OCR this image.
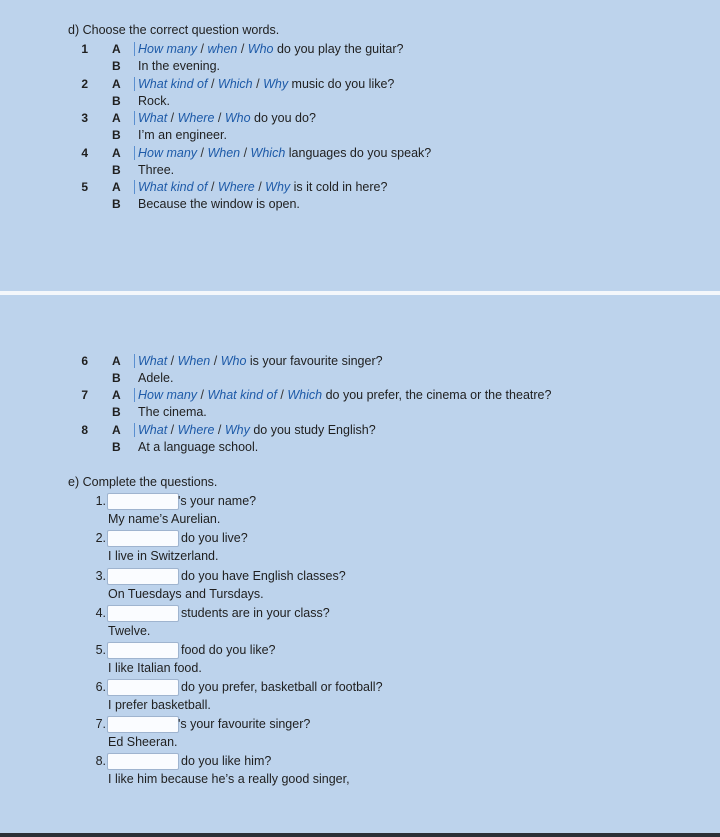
d) Choose the correct question words.
1 A How many / when / Who do you play the guitar?
B In the evening.
2 A What kind of / Which / Why music do you like?
B Rock.
3 A What / Where / Who do you do?
B I’m an engineer.
4 A How many / When / Which languages do you speak?
B Three.
5 A What kind of / Where / Why is it cold in here?
B Because the window is open.
6 A What / When / Who is your favourite singer?
B Adele.
7 A How many / What kind of / Which do you prefer, the cinema or the theatre?
B The cinema.
8 A What / Where / Why do you study English?
B At a language school.
e) Complete the questions.
1.	's your name?
My name’s Aurelian.
2.	do you live?
I live in Switzerland.
3.	do you have English classes?
On Tuesdays and Tursdays.
4.	students are in your class?
Twelve.
5.	food do you like?
I like Italian food.
6.	do you prefer, basketball or football?
I prefer basketball.
7.	's your favourite singer?
Ed Sheeran.
8.	do you like him?
I like him because he’s a really good singer,
